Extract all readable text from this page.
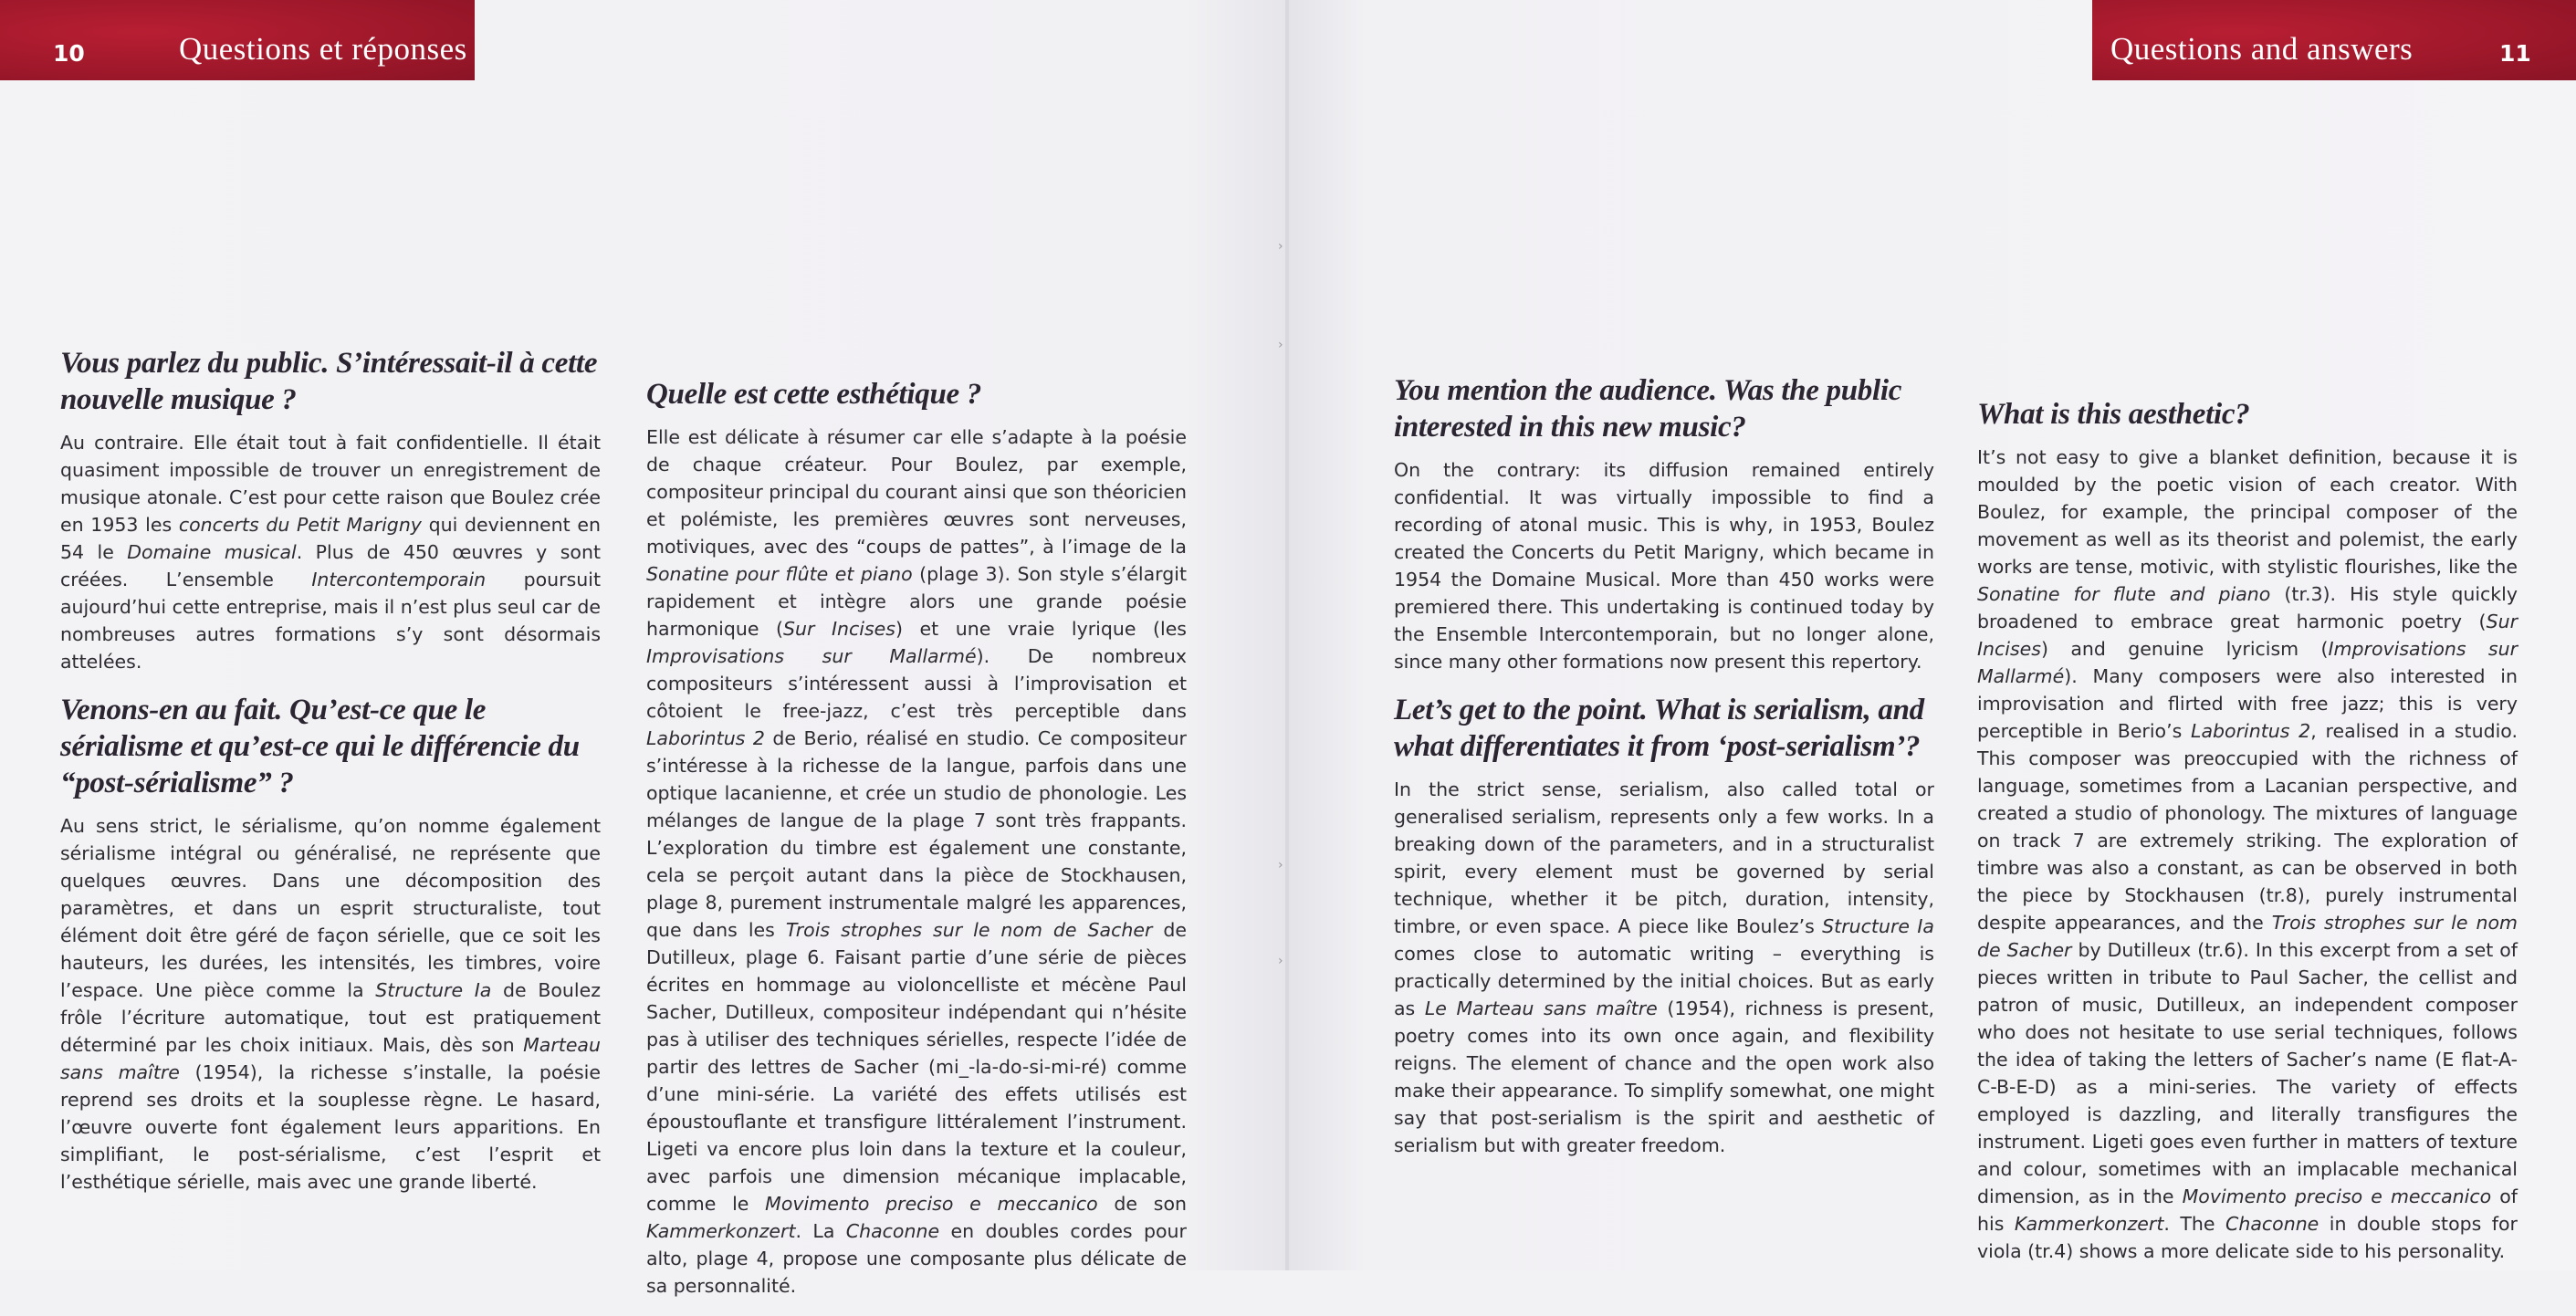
›
›
›
›
10	Questions et réponses	Questions and answers	11
Vous parlez du public. S’intéressait-il à cette nouvelle musique ?

Au contraire. Elle était tout à fait confidentielle. Il était quasiment impossible de trouver un enregistrement de musique atonale. C’est pour cette raison que Boulez crée en 1953 les concerts du Petit Marigny qui deviennent en 54 le Domaine musical. Plus de 450 œuvres y sont créées. L’ensemble Intercontemporain poursuit aujourd’hui cette entreprise, mais il n’est plus seul car de nombreuses autres formations s’y sont désormais attelées.

Venons-en au fait. Qu’est-ce que le sérialisme et qu’est-ce qui le différencie du “post-sérialisme” ?

Au sens strict, le sérialisme, qu’on nomme également sérialisme intégral ou généralisé, ne représente que quelques œuvres. Dans une décomposition des paramètres, et dans un esprit structuraliste, tout élément doit être géré de façon sérielle, que ce soit les hauteurs, les durées, les intensités, les timbres, voire l’espace. Une pièce comme la Structure Ia de Boulez frôle l’écriture automatique, tout est pratiquement déterminé par les choix initiaux. Mais, dès son Marteau sans maître (1954), la richesse s’installe, la poésie reprend ses droits et la souplesse règne. Le hasard, l’œuvre ouverte font également leurs apparitions. En simplifiant, le post-sérialisme, c’est l’esprit et l’esthétique sérielle, mais avec une grande liberté.

Quelle est cette esthétique ?

Elle est délicate à résumer car elle s’adapte à la poésie de chaque créateur. Pour Boulez, par exemple, compositeur principal du courant ainsi que son théoricien et polémiste, les premières œuvres sont nerveuses, motiviques, avec des “coups de pattes”, à l’image de la Sonatine pour flûte et piano (plage 3). Son style s’élargit rapidement et intègre alors une grande poésie harmonique (Sur Incises) et une vraie lyrique (les Improvisations sur Mallarmé). De nombreux compositeurs s’intéressent aussi à l’improvisation et côtoient le free-jazz, c’est très perceptible dans Laborintus 2 de Berio, réalisé en studio. Ce compositeur s’intéresse à la richesse de la langue, parfois dans une optique lacanienne, et crée un studio de phonologie. Les mélanges de langue de la plage 7 sont très frappants. L’exploration du timbre est également une constante, cela se perçoit autant dans la pièce de Stockhausen, plage 8, purement instrumentale malgré les apparences, que dans les Trois strophes sur le nom de Sacher de Dutilleux, plage 6. Faisant partie d’une série de pièces écrites en hommage au violoncelliste et mécène Paul Sacher, Dutilleux, compositeur indépendant qui n’hésite pas à utiliser des techniques sérielles, respecte l’idée de partir des lettres de Sacher (mi_-la-do-si-mi-ré) comme d’une mini-série. La variété des effets utilisés est époustouflante et transfigure littéralement l’instrument. Ligeti va encore plus loin dans la texture et la couleur, avec parfois une dimension mécanique implacable, comme le Movimento preciso e meccanico de son Kammerkonzert. La Chaconne en doubles cordes pour alto, plage 4, propose une composante plus délicate de sa personnalité.

You mention the audience. Was the public interested in this new music?

On the contrary: its diffusion remained entirely confidential. It was virtually impossible to find a recording of atonal music. This is why, in 1953, Boulez created the Concerts du Petit Marigny, which became in 1954 the Domaine Musical. More than 450 works were premiered there. This undertaking is continued today by the Ensemble Intercontemporain, but no longer alone, since many other formations now present this repertory.

Let’s get to the point. What is serialism, and what differentiates it from ‘post-serialism’?

In the strict sense, serialism, also called total or generalised serialism, represents only a few works. In a breaking down of the parameters, and in a structuralist spirit, every element must be governed by serial technique, whether it be pitch, duration, intensity, timbre, or even space. A piece like Boulez’s Structure Ia comes close to automatic writing – everything is practically determined by the initial choices. But as early as Le Marteau sans maître (1954), richness is present, poetry comes into its own once again, and flexibility reigns. The element of chance and the open work also make their appearance. To simplify somewhat, one might say that post-serialism is the spirit and aesthetic of serialism but with greater freedom.

What is this aesthetic?

It’s not easy to give a blanket definition, because it is moulded by the poetic vision of each creator. With Boulez, for example, the principal composer of the movement as well as its theorist and polemist, the early works are tense, motivic, with stylistic flourishes, like the Sonatine for flute and piano (tr.3). His style quickly broadened to embrace great harmonic poetry (Sur Incises) and genuine lyricism (Improvisations sur Mallarmé). Many composers were also interested in improvisation and flirted with free jazz; this is very perceptible in Berio’s Laborintus 2, realised in a studio. This composer was preoccupied with the richness of language, sometimes from a Lacanian perspective, and created a studio of phonology. The mixtures of language on track 7 are extremely striking. The exploration of timbre was also a constant, as can be observed in both the piece by Stockhausen (tr.8), purely instrumental despite appearances, and the Trois strophes sur le nom de Sacher by Dutilleux (tr.6). In this excerpt from a set of pieces written in tribute to Paul Sacher, the cellist and patron of music, Dutilleux, an independent composer who does not hesitate to use serial techniques, follows the idea of taking the letters of Sacher’s name (E flat-A-C-B-E-D) as a mini-series. The variety of effects employed is dazzling, and literally transfigures the instrument. Ligeti goes even further in matters of texture and colour, sometimes with an implacable mechanical dimension, as in the Movimento preciso e meccanico of his Kammerkonzert. The Chaconne in double stops for viola (tr.4) shows a more delicate side to his personality.
